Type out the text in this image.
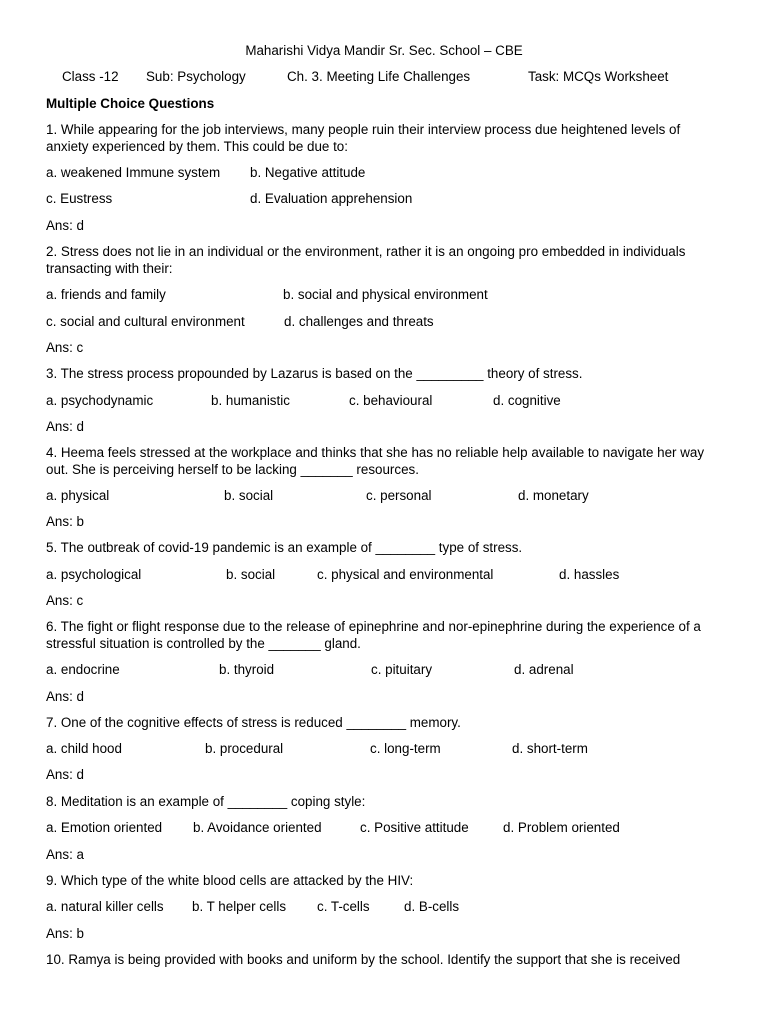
Maharishi Vidya Mandir Sr. Sec. School – CBE
Class -12 Sub: Psychology	Ch. 3. Meeting Life Challenges	Task: MCQs Worksheet
Multiple Choice Questions
1. While appearing for the job interviews, many people ruin their interview process due heightened levels of anxiety experienced by them. This could be due to:
a. weakened Immune system b. Negative attitude
c. Eustress	d. Evaluation apprehension
Ans: d
2. Stress does not lie in an individual or the environment, rather it is an ongoing pro embedded in individuals transacting with their:
a. friends and family	b. social and physical environment
c. social and cultural environment	d. challenges and threats
Ans: c
3. The stress process propounded by Lazarus is based on the _________ theory of stress.
a. psychodynamic	b. humanistic	c. behavioural	d. cognitive
Ans: d
4. Heema feels stressed at the workplace and thinks that she has no reliable help available to navigate her way out. She is perceiving herself to be lacking _______ resources.
a. physical	b. social	c. personal	d. monetary
Ans: b
5. The outbreak of covid-19 pandemic is an example of ________ type of stress.
a. psychological	b. social	c. physical and environmental	d. hassles
Ans: c
6. The fight or flight response due to the release of epinephrine and nor-epinephrine during the experience of a stressful situation is controlled by the _______ gland.
a. endocrine	b. thyroid	c. pituitary	d. adrenal
Ans: d
7. One of the cognitive effects of stress is reduced ________ memory.
a. child hood	b. procedural	c. long-term	d. short-term
Ans: d
8. Meditation is an example of ________ coping style:
a. Emotion oriented b. Avoidance oriented	c. Positive attitude	d. Problem oriented
Ans: a
9. Which type of the white blood cells are attacked by the HIV:
a. natural killer cells b. T helper cells c. T-cells	d. B-cells
Ans: b
10. Ramya is being provided with books and uniform by the school. Identify the support that she is received
